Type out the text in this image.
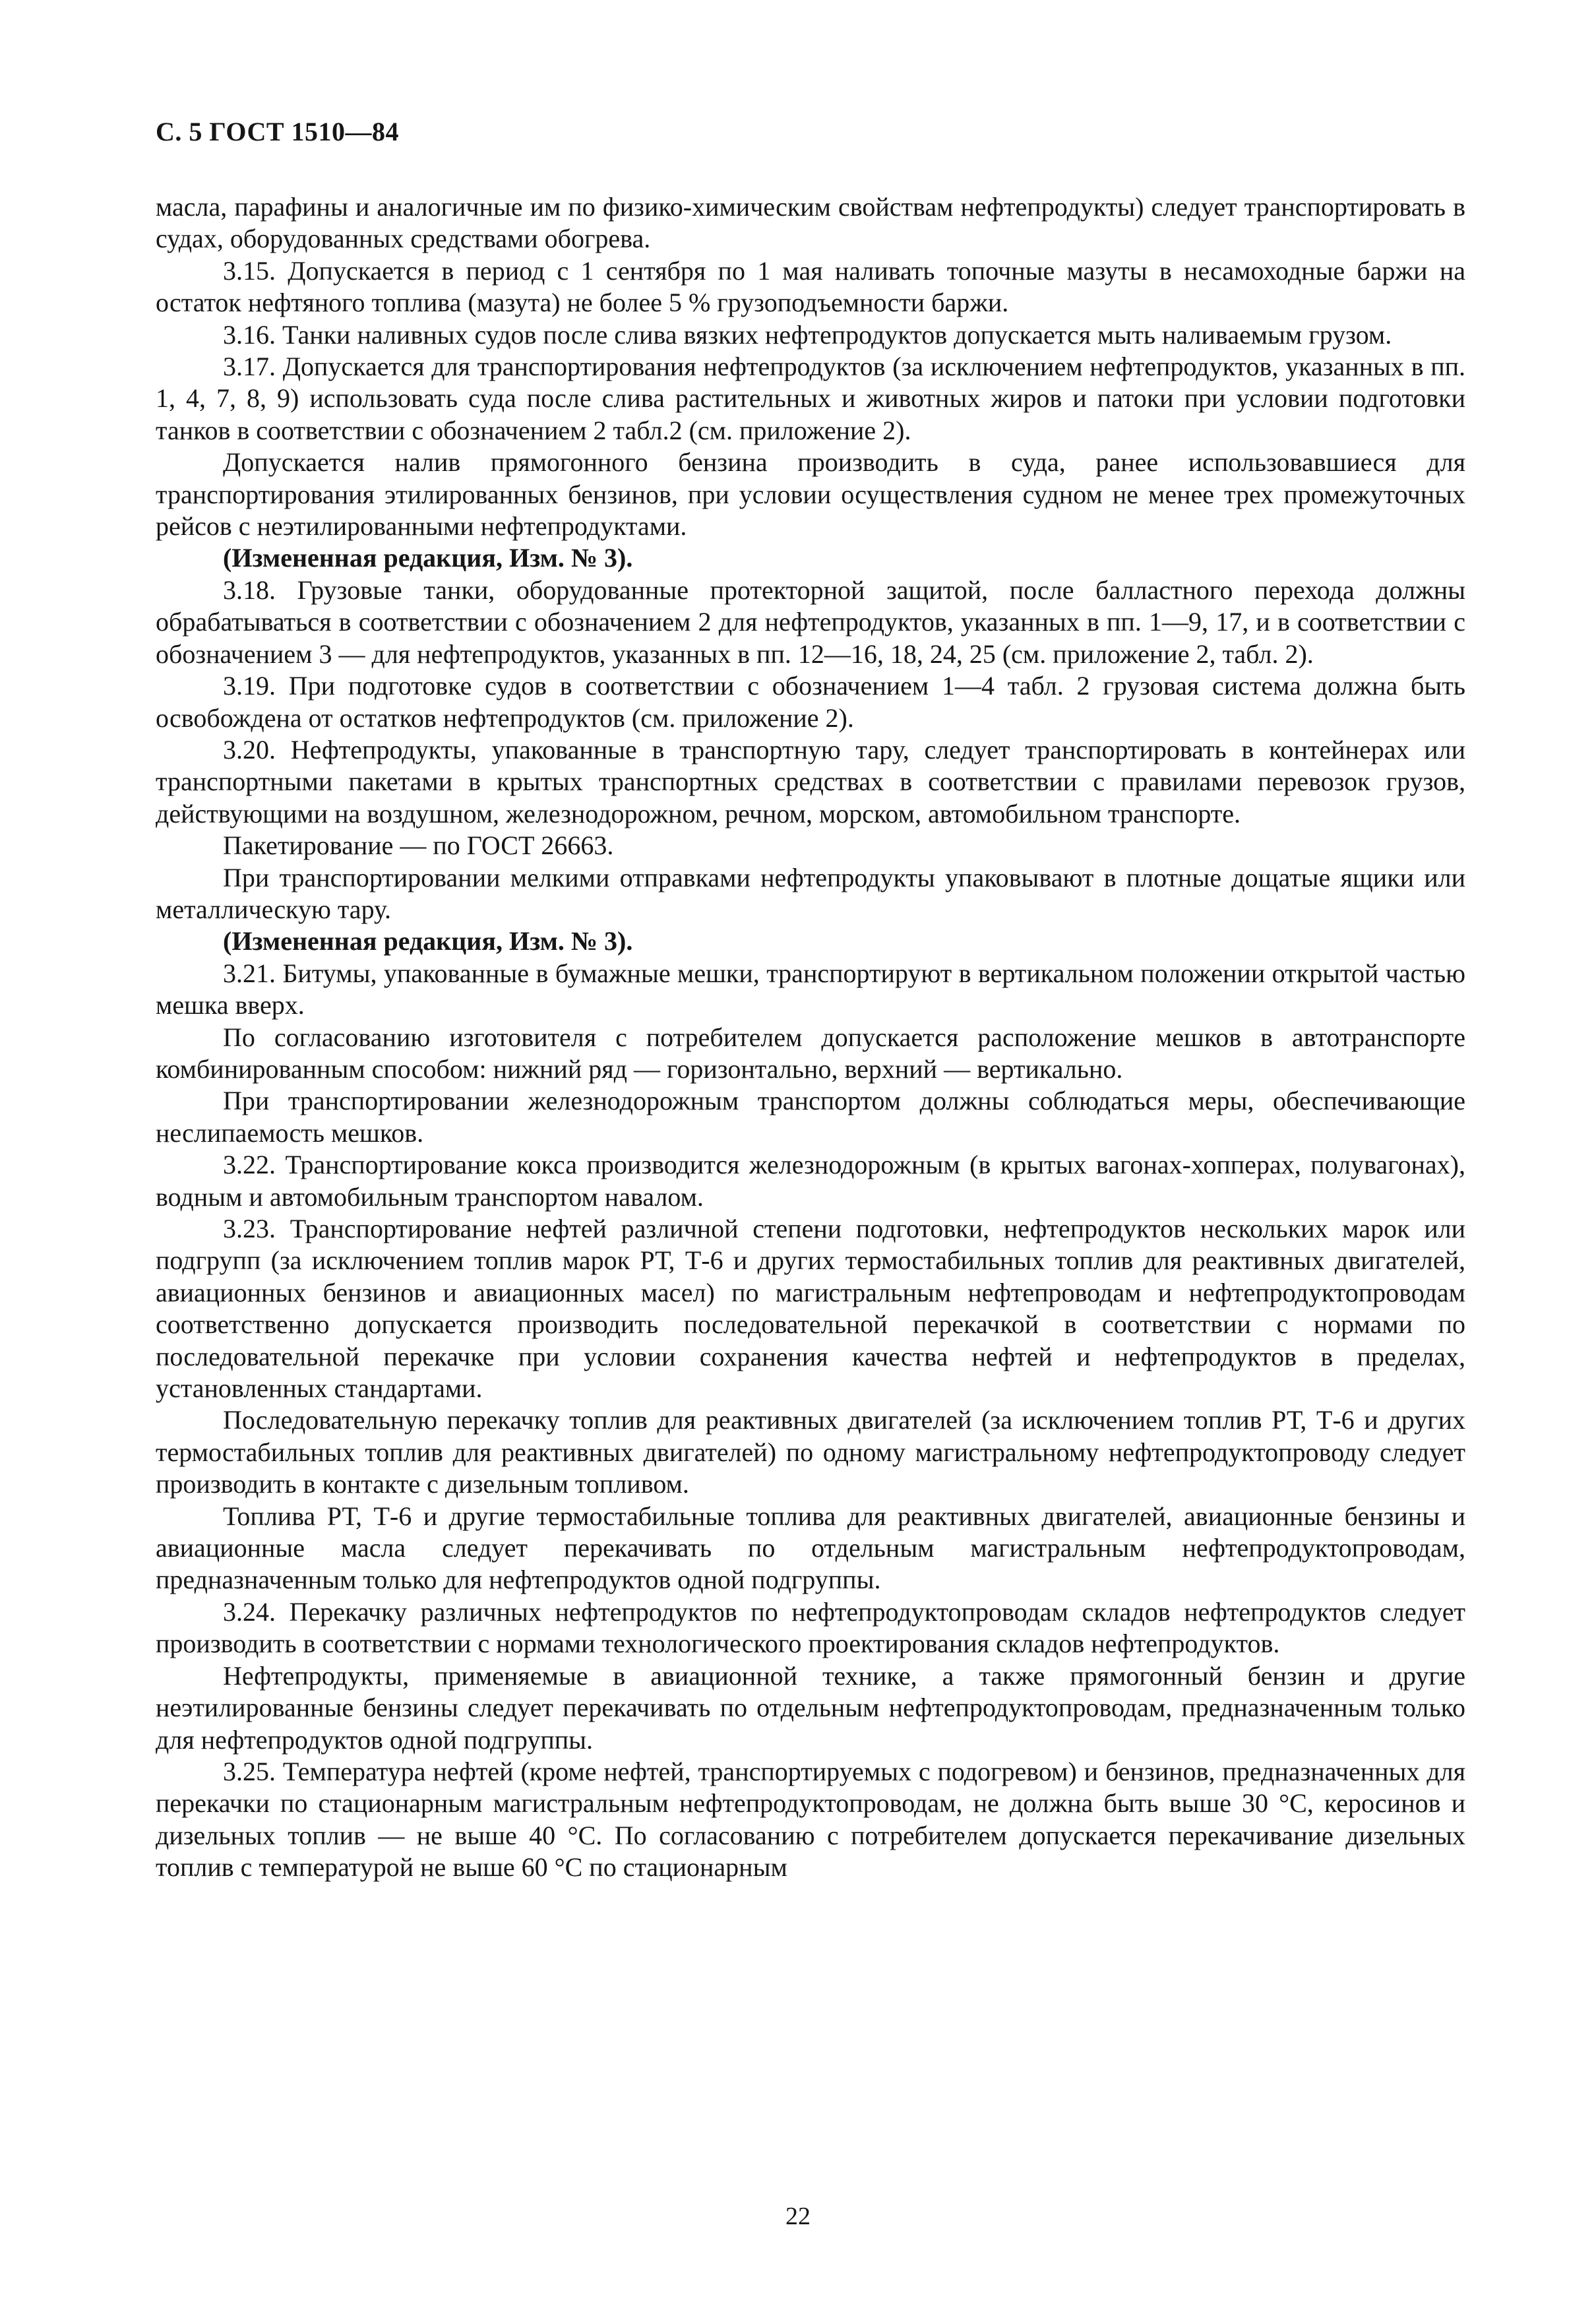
С. 5 ГОСТ 1510—84

масла, парафины и аналогичные им по физико-химическим свойствам нефтепродукты) следует транспортировать в судах, оборудованных средствами обогрева.

3.15. Допускается в период с 1 сентября по 1 мая наливать топочные мазуты в несамоходные баржи на остаток нефтяного топлива (мазута) не более 5 % грузоподъемности баржи.

3.16. Танки наливных судов после слива вязких нефтепродуктов допускается мыть наливаемым грузом.

3.17. Допускается для транспортирования нефтепродуктов (за исключением нефтепродуктов, указанных в пп. 1, 4, 7, 8, 9) использовать суда после слива растительных и животных жиров и патоки при условии подготовки танков в соответствии с обозначением 2 табл.2 (см. приложение 2).

Допускается налив прямогонного бензина производить в суда, ранее использовавшиеся для транспортирования этилированных бензинов, при условии осуществления судном не менее трех промежуточных рейсов с неэтилированными нефтепродуктами.

(Измененная редакция, Изм. № 3).

3.18. Грузовые танки, оборудованные протекторной защитой, после балластного перехода должны обрабатываться в соответствии с обозначением 2 для нефтепродуктов, указанных в пп. 1—9, 17, и в соответствии с обозначением 3 — для нефтепродуктов, указанных в пп. 12—16, 18, 24, 25 (см. приложение 2, табл. 2).

3.19. При подготовке судов в соответствии с обозначением 1—4 табл. 2 грузовая система должна быть освобождена от остатков нефтепродуктов (см. приложение 2).

3.20. Нефтепродукты, упакованные в транспортную тару, следует транспортировать в контейнерах или транспортными пакетами в крытых транспортных средствах в соответствии с правилами перевозок грузов, действующими на воздушном, железнодорожном, речном, морском, автомобильном транспорте.

Пакетирование — по ГОСТ 26663.

При транспортировании мелкими отправками нефтепродукты упаковывают в плотные дощатые ящики или металлическую тару.

(Измененная редакция, Изм. № 3).

3.21. Битумы, упакованные в бумажные мешки, транспортируют в вертикальном положении открытой частью мешка вверх.

По согласованию изготовителя с потребителем допускается расположение мешков в автотранспорте комбинированным способом: нижний ряд — горизонтально, верхний — вертикально.

При транспортировании железнодорожным транспортом должны соблюдаться меры, обеспечивающие неслипаемость мешков.

3.22. Транспортирование кокса производится железнодорожным (в крытых вагонах-хопперах, полувагонах), водным и автомобильным транспортом навалом.

3.23. Транспортирование нефтей различной степени подготовки, нефтепродуктов нескольких марок или подгрупп (за исключением топлив марок РТ, Т-6 и других термостабильных топлив для реактивных двигателей, авиационных бензинов и авиационных масел) по магистральным нефтепроводам и нефтепродуктопроводам соответственно допускается производить последовательной перекачкой в соответствии с нормами по последовательной перекачке при условии сохранения качества нефтей и нефтепродуктов в пределах, установленных стандартами.

Последовательную перекачку топлив для реактивных двигателей (за исключением топлив РТ, Т-6 и других термостабильных топлив для реактивных двигателей) по одному магистральному нефтепродуктопроводу следует производить в контакте с дизельным топливом.

Топлива РТ, Т-6 и другие термостабильные топлива для реактивных двигателей, авиационные бензины и авиационные масла следует перекачивать по отдельным магистральным нефтепродуктопроводам, предназначенным только для нефтепродуктов одной подгруппы.

3.24. Перекачку различных нефтепродуктов по нефтепродуктопроводам складов нефтепродуктов следует производить в соответствии с нормами технологического проектирования складов нефтепродуктов.

Нефтепродукты, применяемые в авиационной технике, а также прямогонный бензин и другие неэтилированные бензины следует перекачивать по отдельным нефтепродуктопроводам, предназначенным только для нефтепродуктов одной подгруппы.

3.25. Температура нефтей (кроме нефтей, транспортируемых с подогревом) и бензинов, предназначенных для перекачки по стационарным магистральным нефтепродуктопроводам, не должна быть выше 30 °С, керосинов и дизельных топлив — не выше 40 °С. По согласованию с потребителем допускается перекачивание дизельных топлив с температурой не выше 60 °С по стационарным

22
